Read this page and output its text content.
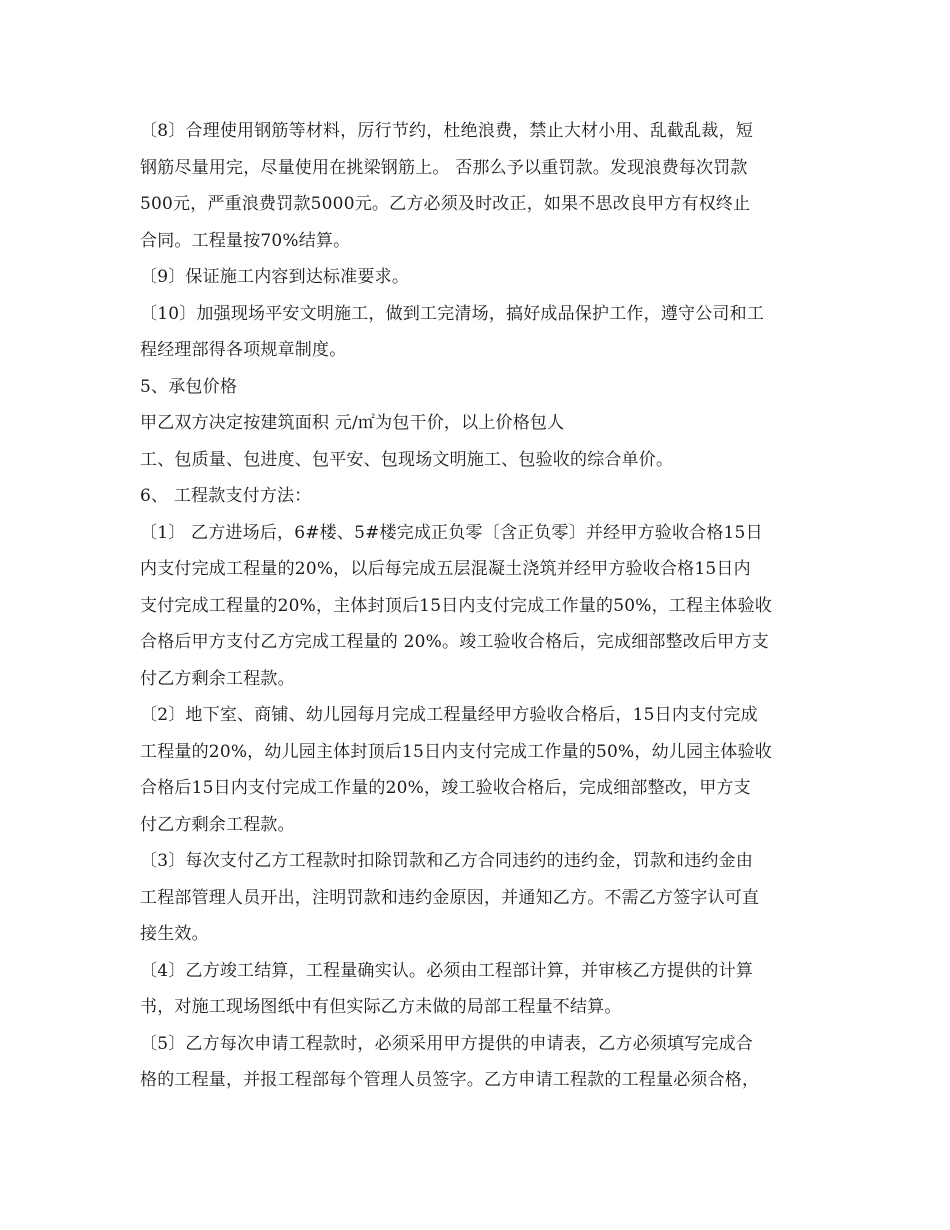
〔8〕合理使用钢筋等材料，厉行节约，杜绝浪费，禁止大材小用、乱截乱裁，短
钢筋尽量用完，尽量使用在挑梁钢筋上。 否那么予以重罚款。发现浪费每次罚款
500元，严重浪费罚款5000元。乙方必须及时改正，如果不思改良甲方有权终止
合同。工程量按70%结算。
〔9〕保证施工内容到达标准要求。
〔10〕加强现场平安文明施工，做到工完清场，搞好成品保护工作，遵守公司和工
程经理部得各项规章制度。
5、承包价格
甲乙双方决定按建筑面积 元/㎡为包干价，以上价格包人
工、包质量、包进度、包平安、包现场文明施工、包验收的综合单价。
6、 工程款支付方法：
〔1〕 乙方进场后，6#楼、5#楼完成正负零〔含正负零〕并经甲方验收合格15日
内支付完成工程量的20%，以后每完成五层混凝土浇筑并经甲方验收合格15日内
支付完成工程量的20%，主体封顶后15日内支付完成工作量的50%，工程主体验收
合格后甲方支付乙方完成工程量的 20%。竣工验收合格后，完成细部整改后甲方支
付乙方剩余工程款。
〔2〕地下室、商铺、幼儿园每月完成工程量经甲方验收合格后，15日内支付完成
工程量的20%，幼儿园主体封顶后15日内支付完成工作量的50%，幼儿园主体验收
合格后15日内支付完成工作量的20%，竣工验收合格后，完成细部整改，甲方支
付乙方剩余工程款。
〔3〕每次支付乙方工程款时扣除罚款和乙方合同违约的违约金，罚款和违约金由
工程部管理人员开出，注明罚款和违约金原因，并通知乙方。不需乙方签字认可直
接生效。
〔4〕乙方竣工结算，工程量确实认。必须由工程部计算，并审核乙方提供的计算
书，对施工现场图纸中有但实际乙方未做的局部工程量不结算。
〔5〕乙方每次申请工程款时，必须采用甲方提供的申请表，乙方必须填写完成合
格的工程量，并报工程部每个管理人员签字。乙方申请工程款的工程量必须合格，
